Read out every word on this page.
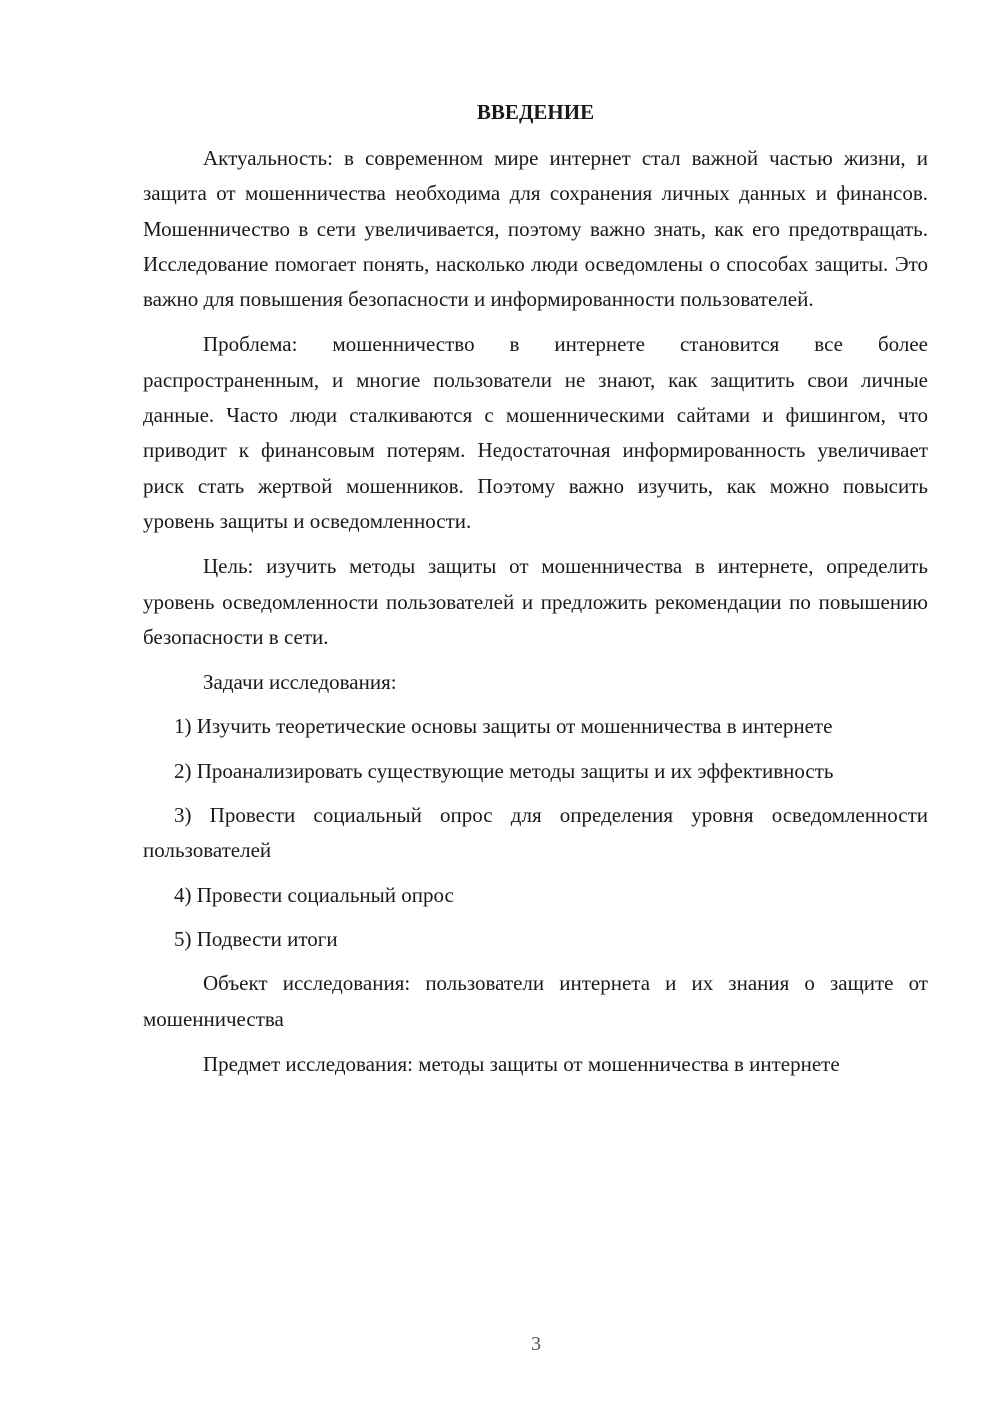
ВВЕДЕНИЕ

Актуальность: в современном мире интернет стал важной частью жизни, и защита от мошенничества необходима для сохранения личных данных и финансов. Мошенничество в сети увеличивается, поэтому важно знать, как его предотвращать. Исследование помогает понять, насколько люди осведомлены о способах защиты. Это важно для повышения безопасности и информированности пользователей.

Проблема: мошенничество в интернете становится все более распространенным, и многие пользователи не знают, как защитить свои личные данные. Часто люди сталкиваются с мошенническими сайтами и фишингом, что приводит к финансовым потерям. Недостаточная информированность увеличивает риск стать жертвой мошенников. Поэтому важно изучить, как можно повысить уровень защиты и осведомленности.

Цель: изучить методы защиты от мошенничества в интернете, определить уровень осведомленности пользователей и предложить рекомендации по повышению безопасности в сети.

Задачи исследования:

1) Изучить теоретические основы защиты от мошенничества в интернете

2) Проанализировать существующие методы защиты и их эффективность

3) Провести социальный опрос для определения уровня осведомленности пользователей

4) Провести социальный опрос

5) Подвести итоги

Объект исследования: пользователи интернета и их знания о защите от мошенничества

Предмет исследования: методы защиты от мошенничества в интернете

3
